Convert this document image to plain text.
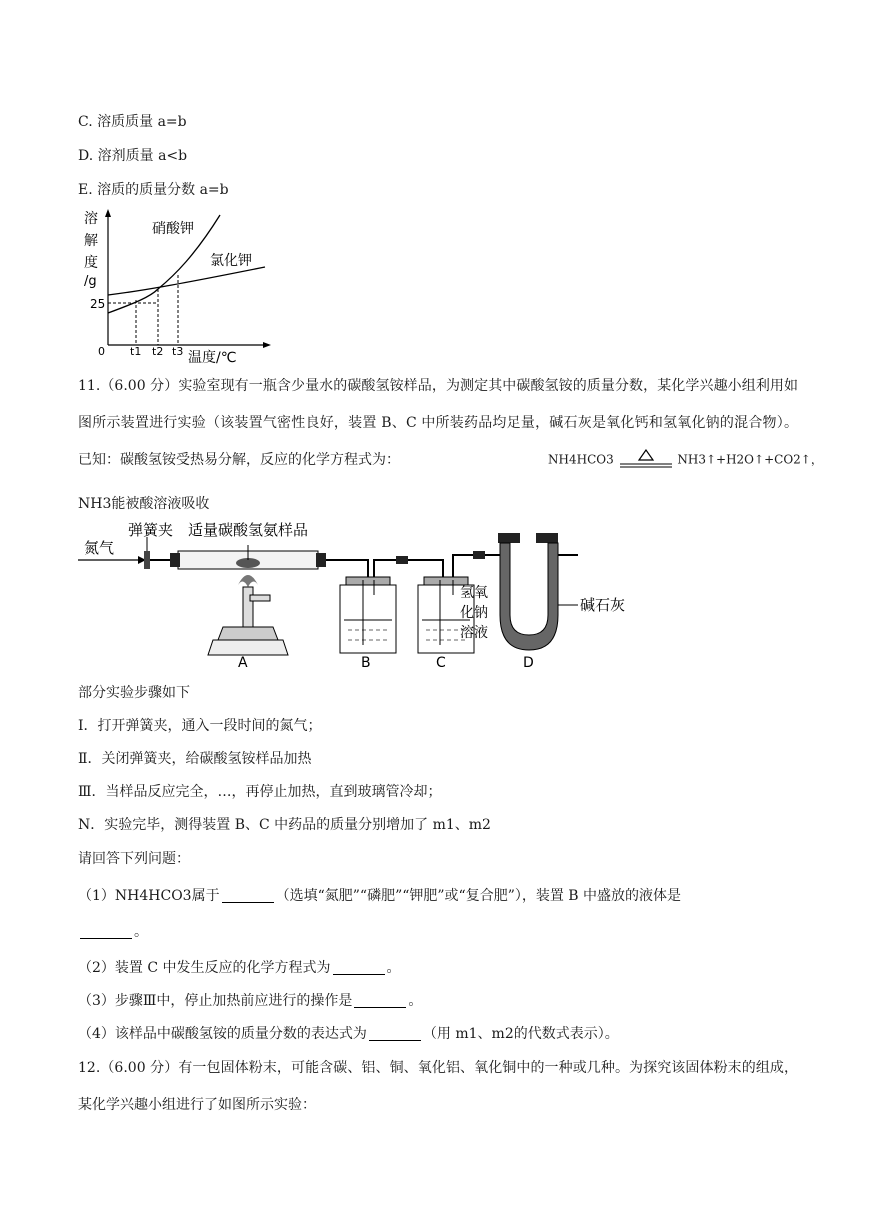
C. 溶质质量 a=b
D. 溶剂质量 a<b
E. 溶质的质量分数 a=b
溶
解
度
/g
25
0
硝酸钾
氯化钾
t1 t2 t3 温度/℃
11.（6.00 分）实验室现有一瓶含少量水的碳酸氢铵样品，为测定其中碳酸氢铵的质量分数，某化学兴趣小组利用如图所示装置进行实验（该装置气密性良好，装置 B、C 中所装药品均足量，碱石灰是氧化钙和氢氧化钠的混合物）。已知：碳酸氢铵受热易分解，反应的化学方程式为：
NH3能被酸溶液吸收
弹簧夹 适量碳酸氢氨样品
氮气
A	B	C
氢氧
化钠
溶液
碱石灰
D
部分实验步骤如下
Ⅰ．打开弹簧夹，通入一段时间的氮气；
Ⅱ．关闭弹簧夹，给碳酸氢铵样品加热
Ⅲ．当样品反应完全，…，再停止加热，直到玻璃管冷却；
N．实验完毕，测得装置 B、C 中药品的质量分别增加了 m1、m2
请回答下列问题：
（1）NH4HCO3属于	（选填“氮肥”“磷肥”“钾肥”或“复合肥”），装置 B 中盛放的液体是
。
（2）装置 C 中发生反应的化学方程式为	。
（3）步骤Ⅲ中，停止加热前应进行的操作是	。
（4）该样品中碳酸氢铵的质量分数的表达式为	（用 m1、m2的代数式表示）。
12.（6.00 分）有一包固体粉末，可能含碳、铝、铜、氧化铝、氧化铜中的一种或几种。为探究该固体粉末的组成，某化学兴趣小组进行了如图所示实验：
NH4HCO3	NH3↑+H2O↑+CO2↑，
